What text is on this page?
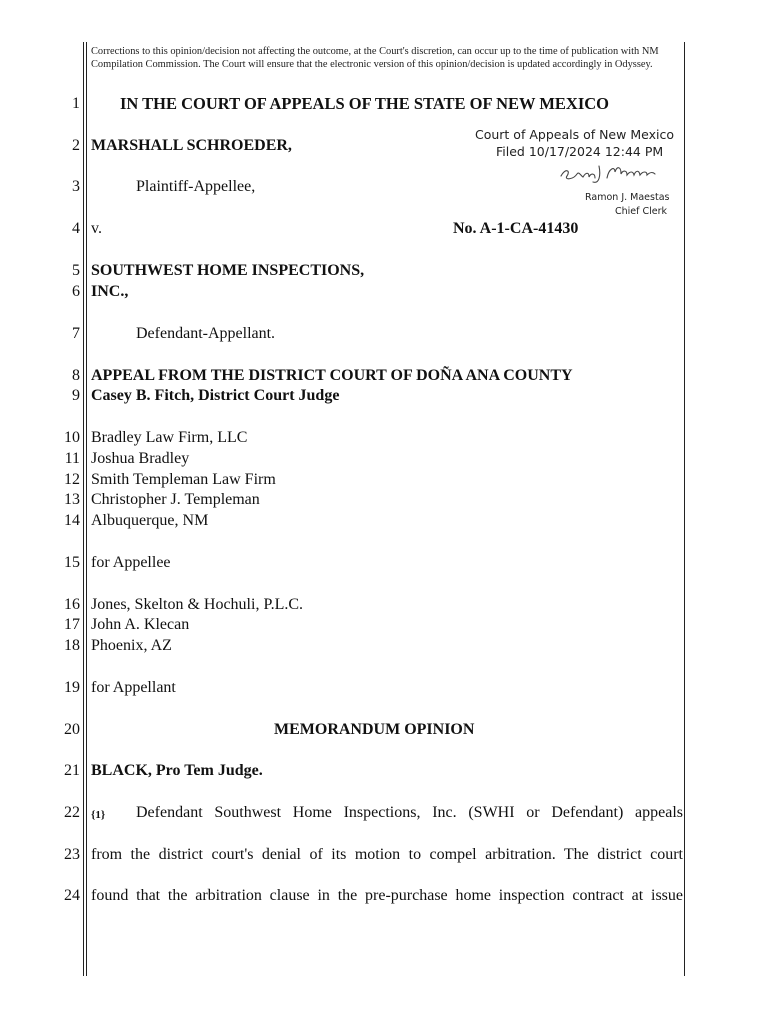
Corrections to this opinion/decision not affecting the outcome, at the Court's discretion, can occur up to the time of publication with NM Compilation Commission. The Court will ensure that the electronic version of this opinion/decision is updated accordingly in Odyssey.
1
2
3
4
5
6
7
8
9
10
11
12
13
14
15
16
17
18
19
20
21
22
23
24
IN THE COURT OF APPEALS OF THE STATE OF NEW MEXICO
MARSHALL SCHROEDER,
Plaintiff-Appellee,
v.	No. A-1-CA-41430
SOUTHWEST HOME INSPECTIONS,
INC.,
Defendant-Appellant.
APPEAL FROM THE DISTRICT COURT OF DOÑA ANA COUNTY
Casey B. Fitch, District Court Judge
Bradley Law Firm, LLC
Joshua Bradley
Smith Templeman Law Firm
Christopher J. Templeman
Albuquerque, NM
for Appellee
Jones, Skelton & Hochuli, P.L.C.
John A. Klecan
Phoenix, AZ
for Appellant
MEMORANDUM OPINION
BLACK, Pro Tem Judge.
{1} Defendant Southwest Home Inspections, Inc. (SWHI or Defendant) appeals
from the district court's denial of its motion to compel arbitration. The district court
found that the arbitration clause in the pre-purchase home inspection contract at issue
Court of Appeals of New Mexico
Filed 10/17/2024 12:44 PM
Ramon J. Maestas
Chief Clerk
